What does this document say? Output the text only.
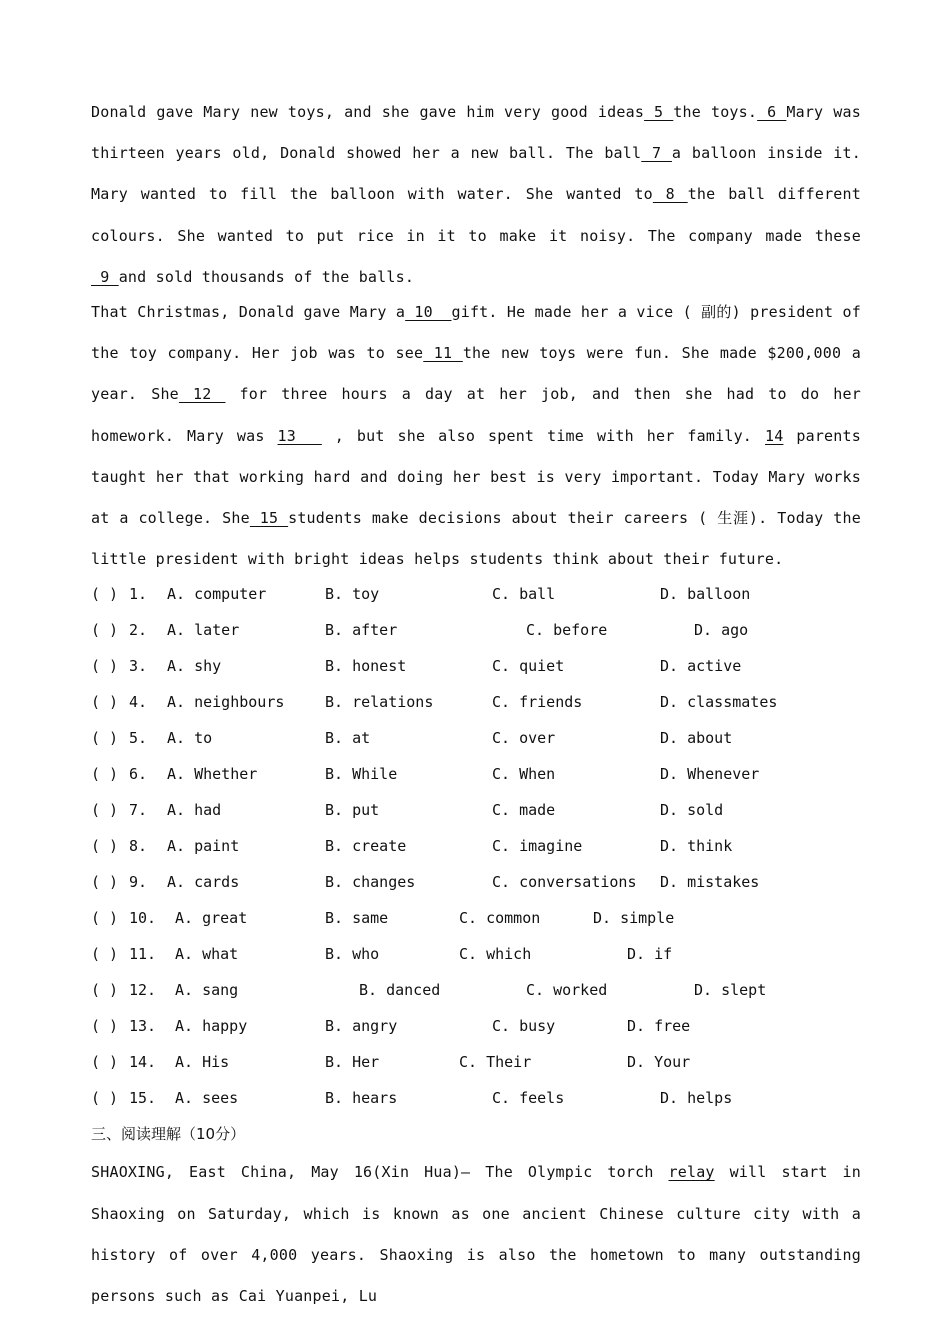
Donald gave Mary new toys, and she gave him very good ideas 5 the toys. 6 Mary was thirteen years old, Donald showed her a new ball. The ball 7 a balloon inside it. Mary wanted to fill the balloon with water. She wanted to 8 the ball different colours. She wanted to put rice in it to make it noisy. The company made these 9 and sold thousands of the balls.

That Christmas, Donald gave Mary a 10  gift. He made her a vice ( 副的) president of the toy company. Her job was to see 11 the new toys were fun. She made $200,000 a year. She 12  for three hours a day at her job, and then she had to do her homework. Mary was 13   , but she also spent time with her family. 14 parents taught her that working hard and doing her best is very important. Today Mary works at a college. She 15 students make decisions about their careers ( 生涯). Today the little president with bright ideas helps students think about their future.

( ) 1. A. computer	B. toy	C. ball	D. balloon
( ) 2. A. later	B. after	C. before	D. ago
( ) 3. A. shy	B. honest	C. quiet	D. active
( ) 4. A. neighbours	B. relations	C. friends	D. classmates
( ) 5. A. to	B. at	C. over	D. about
( ) 6. A. Whether	B. While	C. When	D. Whenever
( ) 7. A. had	B. put	C. made	D. sold
( ) 8. A. paint	B. create	C. imagine	D. think
( ) 9. A. cards	B. changes	C. conversations D. mistakes
( ) 10. A. great	B. same	C. common	D. simple
( ) 11. A. what	B. who	C. which	D. if
( ) 12. A. sang	B. danced	C. worked	D. slept
( ) 13. A. happy	B. angry	C. busy	D. free
( ) 14. A. His	B. Her	C. Their	D. Your
( ) 15. A. sees	B. hears	C. feels	D. helps

三、阅读理解（10分）

SHAOXING, East China, May 16(Xin Hua)— The Olympic torch relay will start in Shaoxing on Saturday, which is known as one ancient Chinese culture city with a history of over 4,000 years. Shaoxing is also the hometown to many outstanding persons such as Cai Yuanpei, Lu
